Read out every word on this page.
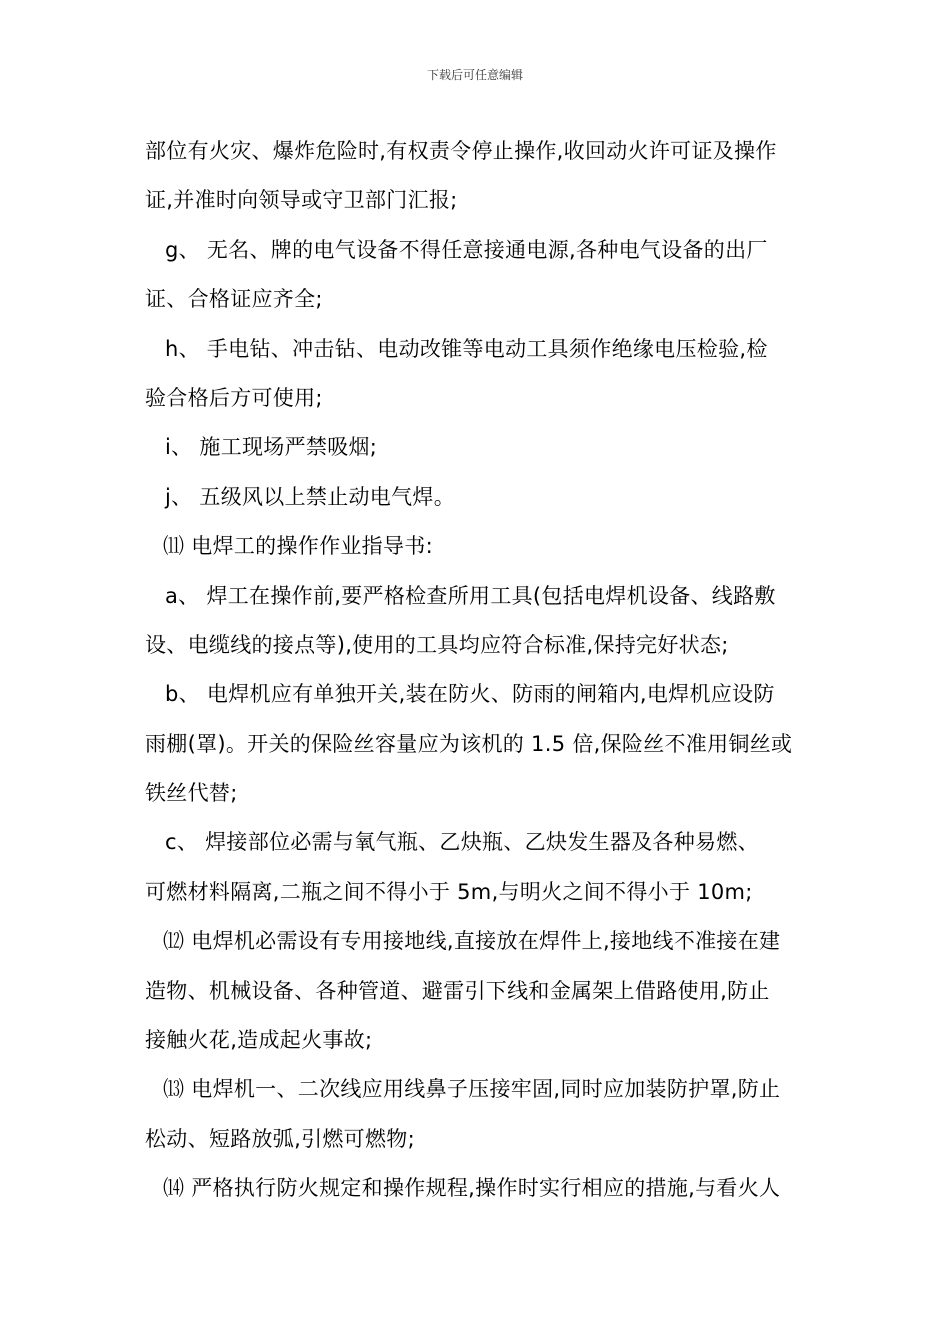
下载后可任意编辑
部位有火灾、爆炸危险时,有权责令停止操作,收回动火许可证及操作
证,并准时向领导或守卫部门汇报;
g、 无名、牌的电气设备不得任意接通电源,各种电气设备的出厂
证、合格证应齐全;
h、 手电钻、冲击钻、电动改锥等电动工具须作绝缘电压检验,检
验合格后方可使用;
i、 施工现场严禁吸烟;
j、 五级风以上禁止动电气焊。
⑾ 电焊工的操作作业指导书:
a、 焊工在操作前,要严格检查所用工具(包括电焊机设备、线路敷
设、电缆线的接点等),使用的工具均应符合标准,保持完好状态;
b、 电焊机应有单独开关,装在防火、防雨的闸箱内,电焊机应设防
雨棚(罩)。开关的保险丝容量应为该机的 1.5 倍,保险丝不准用铜丝或
铁丝代替;
c、 焊接部位必需与氧气瓶、乙炔瓶、乙炔发生器及各种易燃、
可燃材料隔离,二瓶之间不得小于 5m,与明火之间不得小于 10m;
⑿ 电焊机必需设有专用接地线,直接放在焊件上,接地线不准接在建
造物、机械设备、各种管道、避雷引下线和金属架上借路使用,防止
接触火花,造成起火事故;
⒀ 电焊机一、二次线应用线鼻子压接牢固,同时应加装防护罩,防止
松动、短路放弧,引燃可燃物;
⒁ 严格执行防火规定和操作规程,操作时实行相应的措施,与看火人
